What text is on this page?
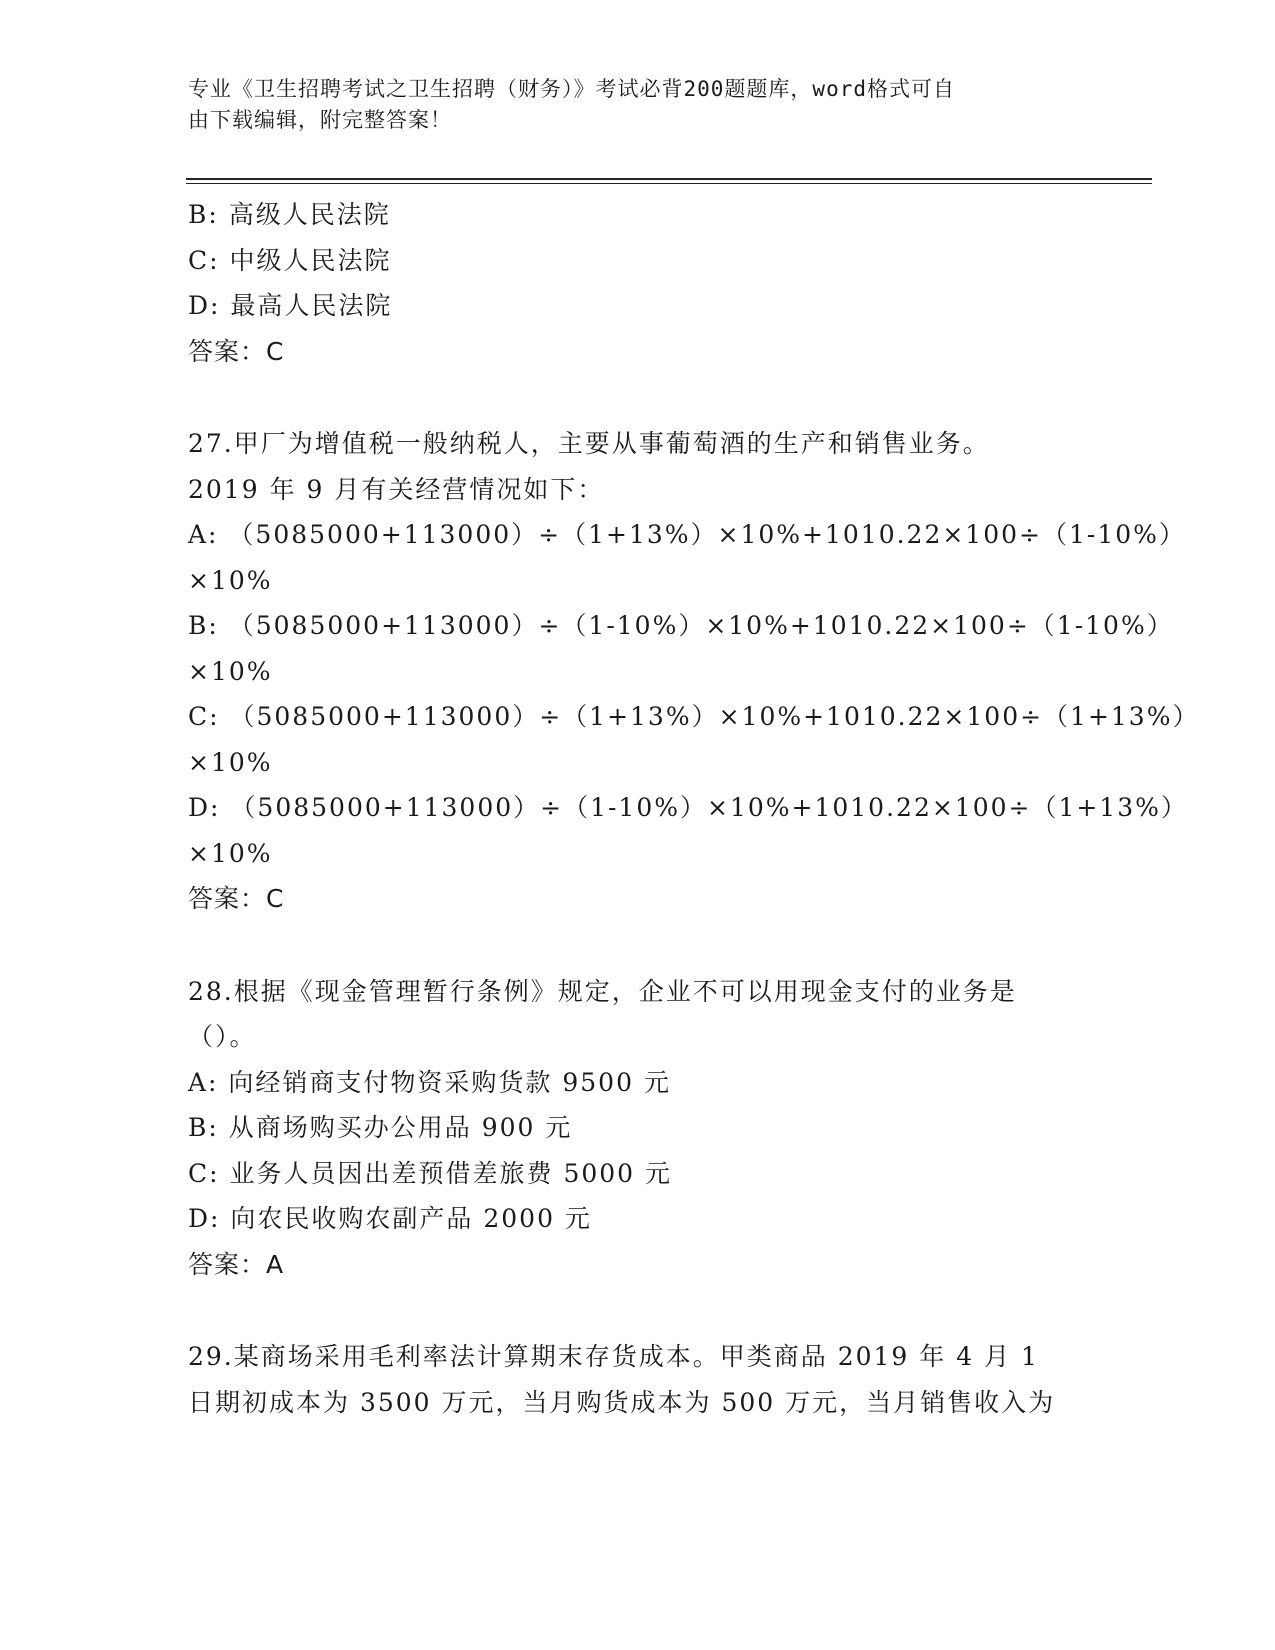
专业《卫生招聘考试之卫生招聘（财务）》考试必背200题题库，word格式可自
由下载编辑，附完整答案！
B: 高级人民法院
C: 中级人民法院
D: 最高人民法院
答案：C
27.甲厂为增值税一般纳税人，主要从事葡萄酒的生产和销售业务。
2019 年 9 月有关经营情况如下：
A: （5085000+113000）÷（1+13%）×10%+1010.22×100÷（1-10%）
×10%
B: （5085000+113000）÷（1-10%）×10%+1010.22×100÷（1-10%）
×10%
C: （5085000+113000）÷（1+13%）×10%+1010.22×100÷（1+13%）
×10%
D: （5085000+113000）÷（1-10%）×10%+1010.22×100÷（1+13%）
×10%
答案：C
28.根据《现金管理暂行条例》规定，企业不可以用现金支付的业务是
（）。
A: 向经销商支付物资采购货款 9500 元
B: 从商场购买办公用品 900 元
C: 业务人员因出差预借差旅费 5000 元
D: 向农民收购农副产品 2000 元
答案：A
29.某商场采用毛利率法计算期末存货成本。甲类商品 2019 年 4 月 1
日期初成本为 3500 万元，当月购货成本为 500 万元，当月销售收入为
